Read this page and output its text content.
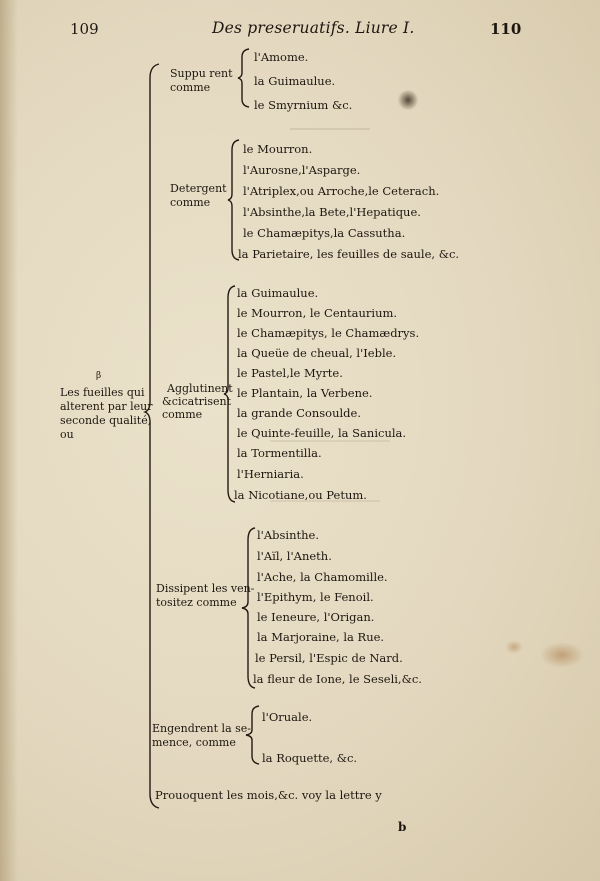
109	Des preseruatifs. Liure I.	110
β
Les fueilles qui
alterent par leur
seconde qualité,
ou
Suppu rent
comme
l'Amome.
la Guimaulue.
le Smyrnium &c.
Detergent
comme
le Mourron.
l'Aurosne,l'Asparge.
l'Atriplex,ou Arroche,le Ceterach.
l'Absinthe,la Bete,l'Hepatique.
le Chamæpitys,la Cassutha.
la Parietaire, les feuilles de saule, &c.
Agglutinent
&cicatrisent
comme
la Guimaulue.
le Mourron, le Centaurium.
le Chamæpitys, le Chamædrys.
la Queüe de cheual, l'Ieble.
le Pastel,le Myrte.
le Plantain, la Verbene.
la grande Consoulde.
le Quinte-feuille, la Sanicula.
la Tormentilla.
l'Herniaria.
la Nicotiane,ou Petum.
Dissipent les ven-
tositez comme
l'Absinthe.
l'Aïl, l'Aneth.
l'Ache, la Chamomille.
l'Epithym, le Fenoil.
le Ieneure, l'Origan.
la Marjoraine, la Rue.
le Persil, l'Espic de Nard.
la fleur de Ione, le Seseli,&c.
Engendrent la se-
mence, comme
l'Oruale.
la Roquette, &c.
Prouoquent les mois,&c. voy la lettre y
b
